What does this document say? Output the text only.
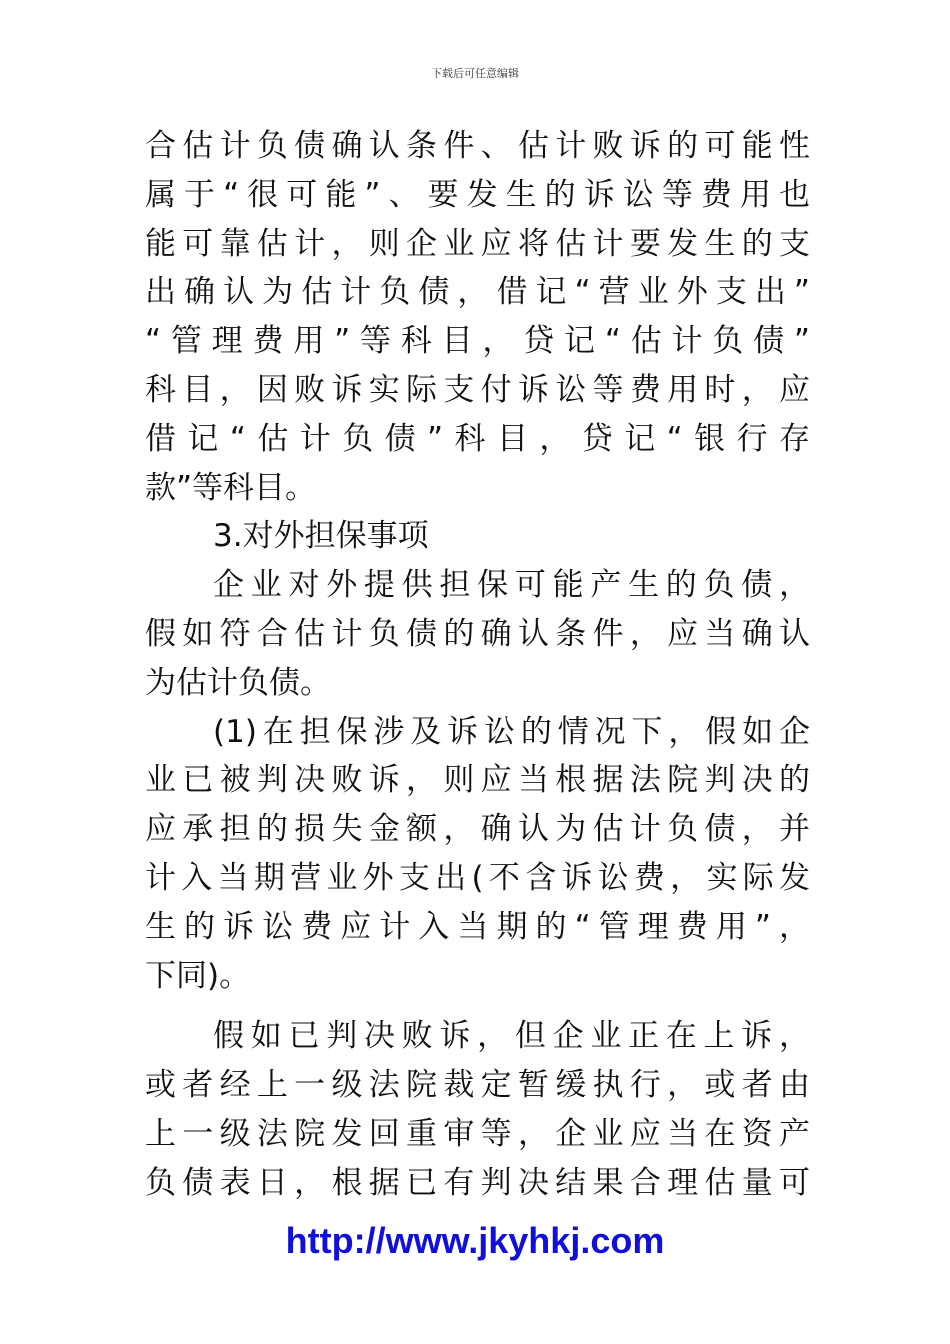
下载后可任意编辑
合估计负债确认条件、估计败诉的可能性
属于“很可能”、要发生的诉讼等费用也
能可靠估计，则企业应将估计要发生的支
出确认为估计负债，借记“营业外支出”
“管理费用”等科目，贷记“估计负债”
科目，因败诉实际支付诉讼等费用时，应
借记“估计负债”科目，贷记“银行存
款”等科目。
3.对外担保事项
企业对外提供担保可能产生的负债，
假如符合估计负债的确认条件，应当确认
为估计负债。
(1)在担保涉及诉讼的情况下，假如企
业已被判决败诉，则应当根据法院判决的
应承担的损失金额，确认为估计负债，并
计入当期营业外支出(不含诉讼费，实际发
生的诉讼费应计入当期的“管理费用”，
下同)。
假如已判决败诉，但企业正在上诉，
或者经上一级法院裁定暂缓执行，或者由
上一级法院发回重审等，企业应当在资产
负债表日，根据已有判决结果合理估量可
http://www.jkyhkj.com
